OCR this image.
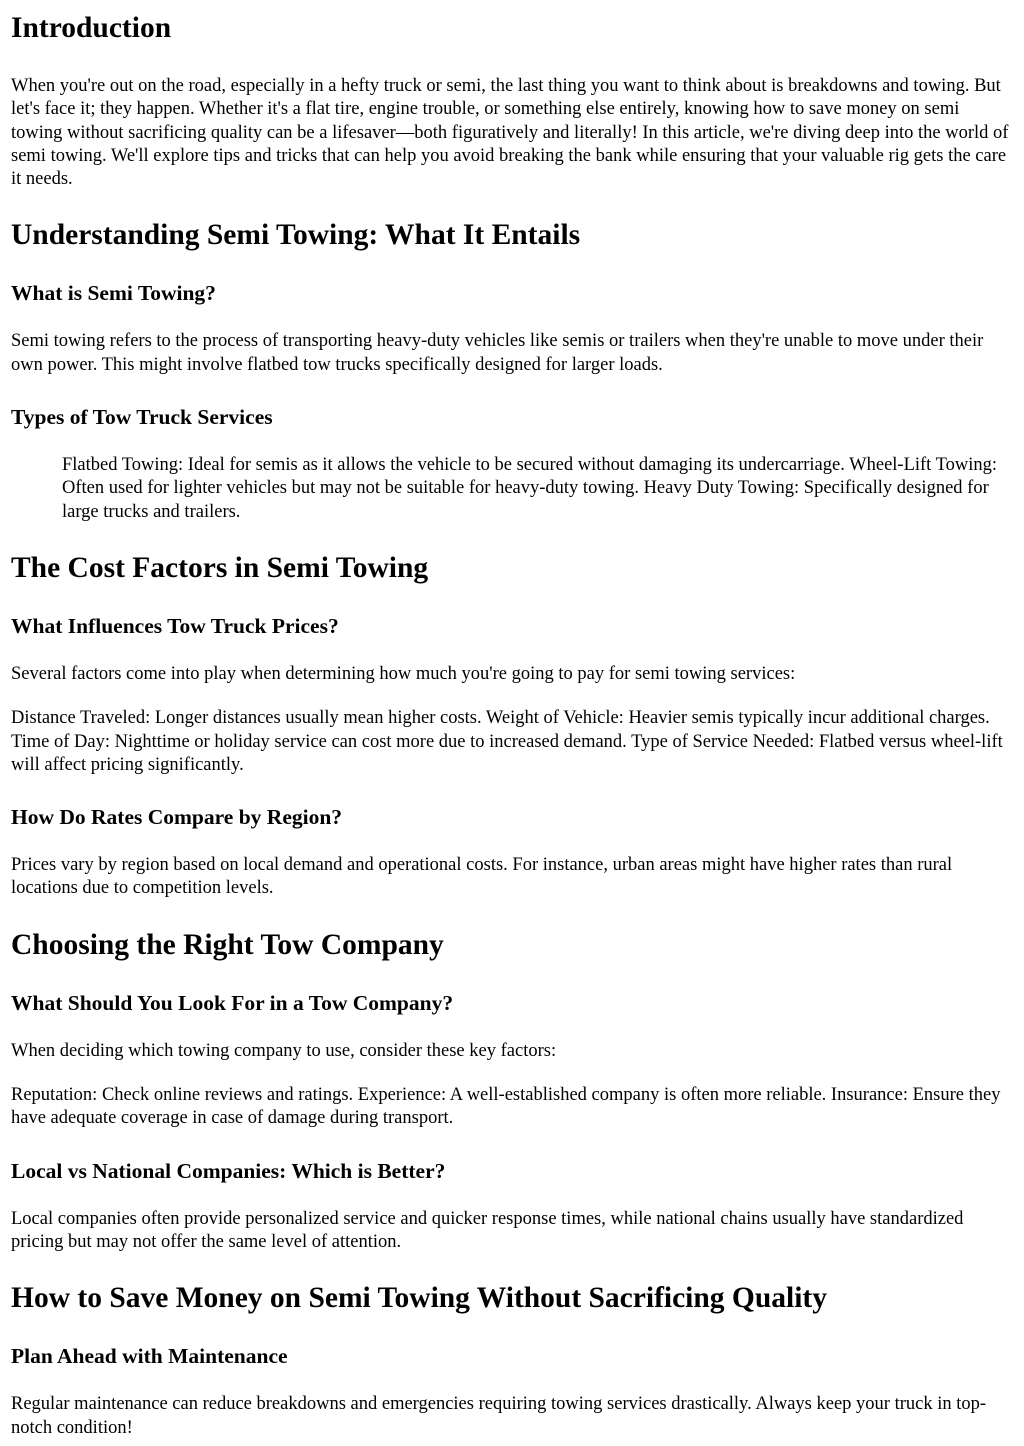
Introduction

When you're out on the road, especially in a hefty truck or semi, the last thing you want to think about is breakdowns and towing. But let's face it; they happen. Whether it's a flat tire, engine trouble, or something else entirely, knowing how to save money on semi towing without sacrificing quality can be a lifesaver—both figuratively and literally! In this article, we're diving deep into the world of semi towing. We'll explore tips and tricks that can help you avoid breaking the bank while ensuring that your valuable rig gets the care it needs.

Understanding Semi Towing: What It Entails
What is Semi Towing?

Semi towing refers to the process of transporting heavy-duty vehicles like semis or trailers when they're unable to move under their own power. This might involve flatbed tow trucks specifically designed for larger loads.

Types of Tow Truck Services
Flatbed Towing: Ideal for semis as it allows the vehicle to be secured without damaging its undercarriage. Wheel-Lift Towing: Often used for lighter vehicles but may not be suitable for heavy-duty towing. Heavy Duty Towing: Specifically designed for large trucks and trailers.
The Cost Factors in Semi Towing
What Influences Tow Truck Prices?

Several factors come into play when determining how much you're going to pay for semi towing services:

Distance Traveled: Longer distances usually mean higher costs. Weight of Vehicle: Heavier semis typically incur additional charges. Time of Day: Nighttime or holiday service can cost more due to increased demand. Type of Service Needed: Flatbed versus wheel-lift will affect pricing significantly.

How Do Rates Compare by Region?

Prices vary by region based on local demand and operational costs. For instance, urban areas might have higher rates than rural locations due to competition levels.

Choosing the Right Tow Company
What Should You Look For in a Tow Company?

When deciding which towing company to use, consider these key factors:

Reputation: Check online reviews and ratings. Experience: A well-established company is often more reliable. Insurance: Ensure they have adequate coverage in case of damage during transport.

Local vs National Companies: Which is Better?

Local companies often provide personalized service and quicker response times, while national chains usually have standardized pricing but may not offer the same level of attention.

How to Save Money on Semi Towing Without Sacrificing Quality
Plan Ahead with Maintenance

Regular maintenance can reduce breakdowns and emergencies requiring towing services drastically. Always keep your truck in top-notch condition!
